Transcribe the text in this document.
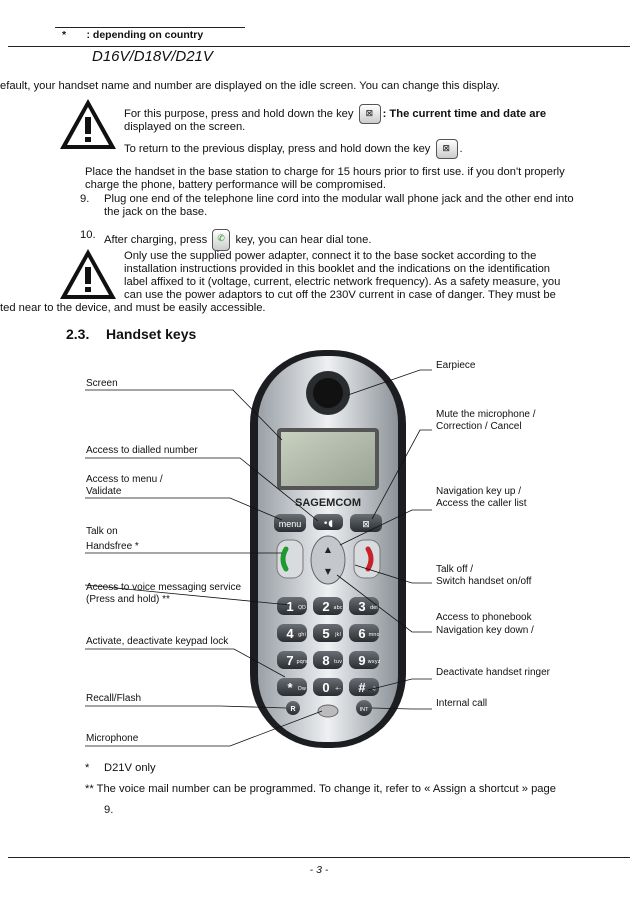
*       : depending on country
D16V/D18V/D21V
efault, your handset name and number are displayed on the idle screen. You can change this display.
For this purpose, press and hold down the key ⊠ : The current time and date are
displayed on the screen.
To return to the previous display, press and hold down the key ⊠ .
Place the handset in the base station to charge for 15 hours prior to first use. if you don't properly
charge the phone, battery performance will be compromised.
9. Plug one end of the telephone line cord into the modular wall phone jack and the other end into
the jack on the base.
10. After charging, press ✆ key, you can hear dial tone.
Only use the supplied power adapter, connect it to the base socket according to the
installation instructions provided in this booklet and the indications on the identification
label affixed to it (voltage, current, electric network frequency). As a safety measure, you
can use the power adaptors to cut off the 230V current in case of danger. They must be
ted near to the device, and must be easily accessible.
2.3. Handset keys
SAGEMCOM
menu •◖	⊠
▲
▼
1 QD 2 abc 3 def
4 ghi 5 jkl 6 mno
7 pqrs 8 tuv 9 wxyz
* Dw 0 +- # ♫
R	INT
Screen
Access to dialled number
Access to menu /
Validate
Talk on
Handsfree *
Access to voice messaging service
(Press and hold) **
Activate, deactivate keypad lock
Recall/Flash
Microphone
Earpiece
Mute the microphone /
Correction / Cancel
Navigation key up /
Access the caller list
Talk off /
Switch handset on/off
Access to phonebook
Navigation key down /
Deactivate handset ringer
Internal call
* D21V only
** The voice mail number can be programmed. To change it, refer to « Assign a shortcut » page
9.
- 3 -
